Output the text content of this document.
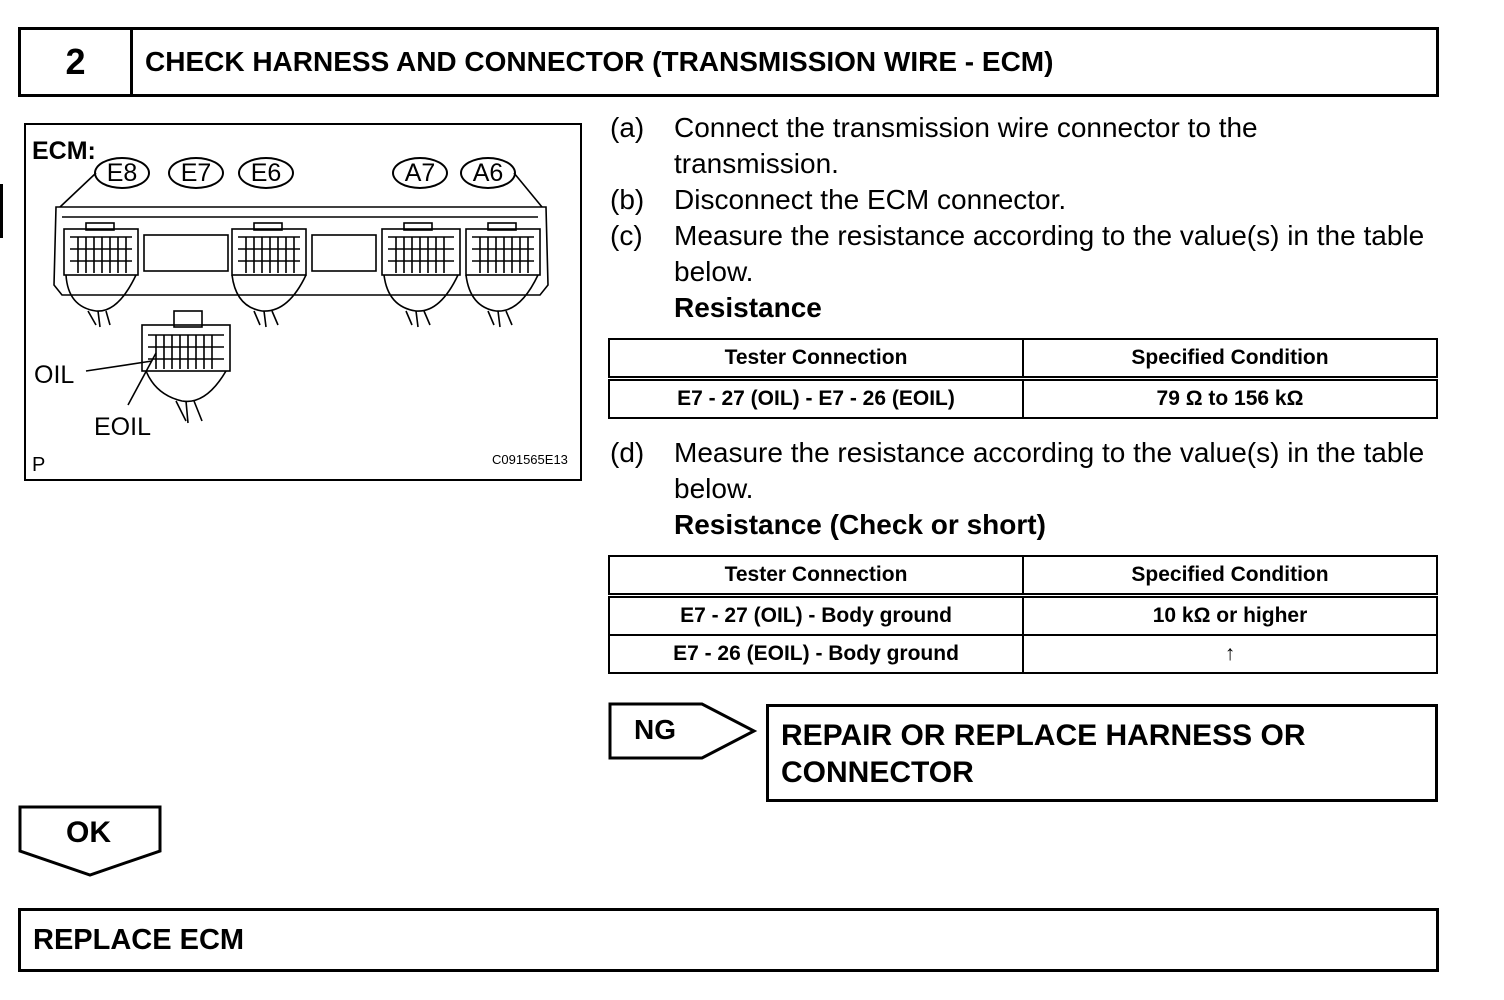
2	CHECK HARNESS AND CONNECTOR (TRANSMISSION WIRE - ECM)
ECM:
E8	E7	E6	A7	A6
OIL
EOIL
P	C091565E13
(a) Connect the transmission wire connector to the transmission.
(b) Disconnect the ECM connector.
(c) Measure the resistance according to the value(s) in the table below.
Resistance
Tester Connection	Specified Condition
E7 - 27 (OIL) - E7 - 26 (EOIL)	79 Ω to 156 kΩ
(d) Measure the resistance according to the value(s) in the table below.
Resistance (Check or short)
Tester Connection	Specified Condition
E7 - 27 (OIL) - Body ground	10 kΩ or higher
E7 - 26 (EOIL) - Body ground	↑
NG	REPAIR OR REPLACE HARNESS OR CONNECTOR
OK
REPLACE ECM
